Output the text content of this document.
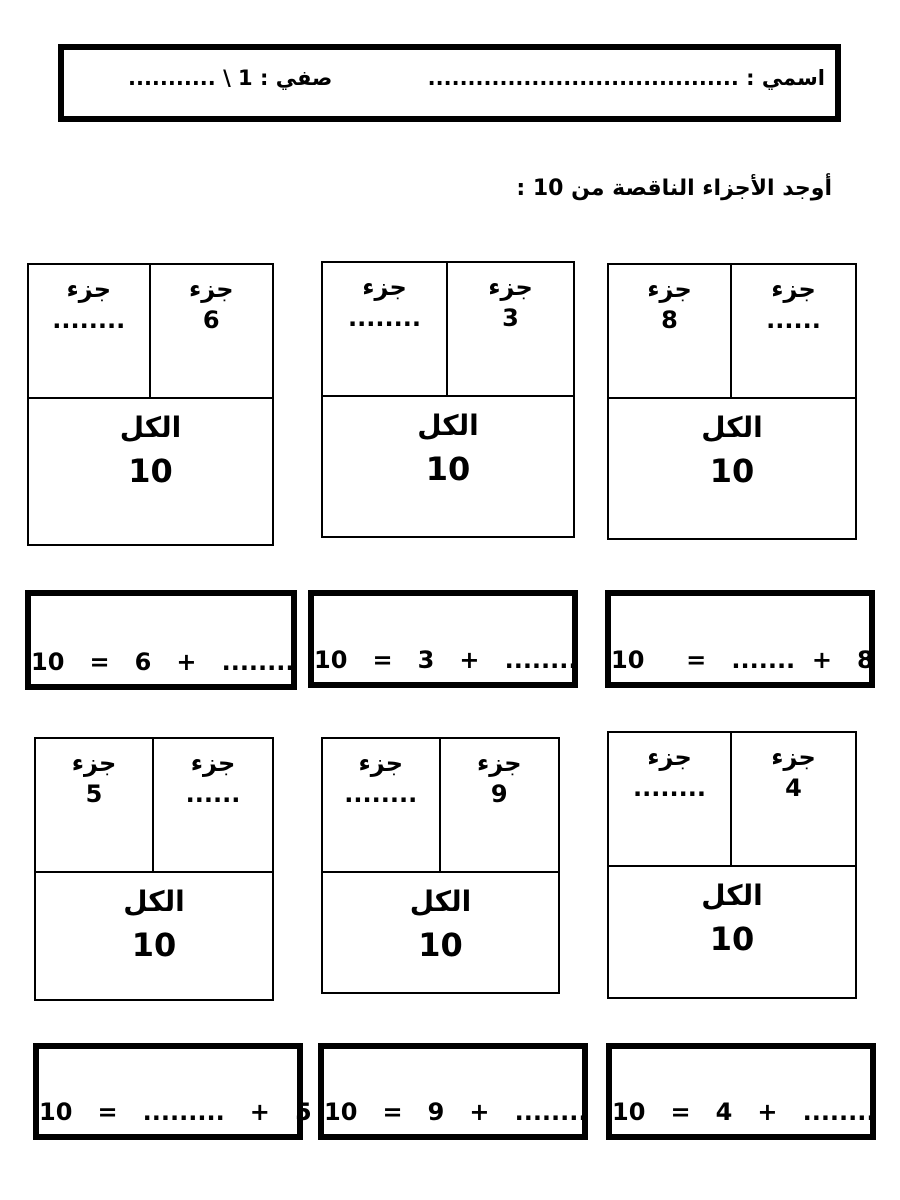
اسمي : .......................................
صفي : 1 \ ...........
أوجد الأجزاء الناقصة من 10 :
جزء
......
جزء
8
الكل
10
جزء
3
جزء
........
الكل
10
جزء
6
جزء
........
الكل
10
10     =   .......  +   8
10   =   3   +   ........
10   =   6   +   ........
جزء
4
جزء
........
الكل
10
جزء
9
جزء
........
الكل
10
جزء
......
جزء
5
الكل
10
10   =   4   +   ........
10   =   9   +   ........
10   =   .........   +   5
